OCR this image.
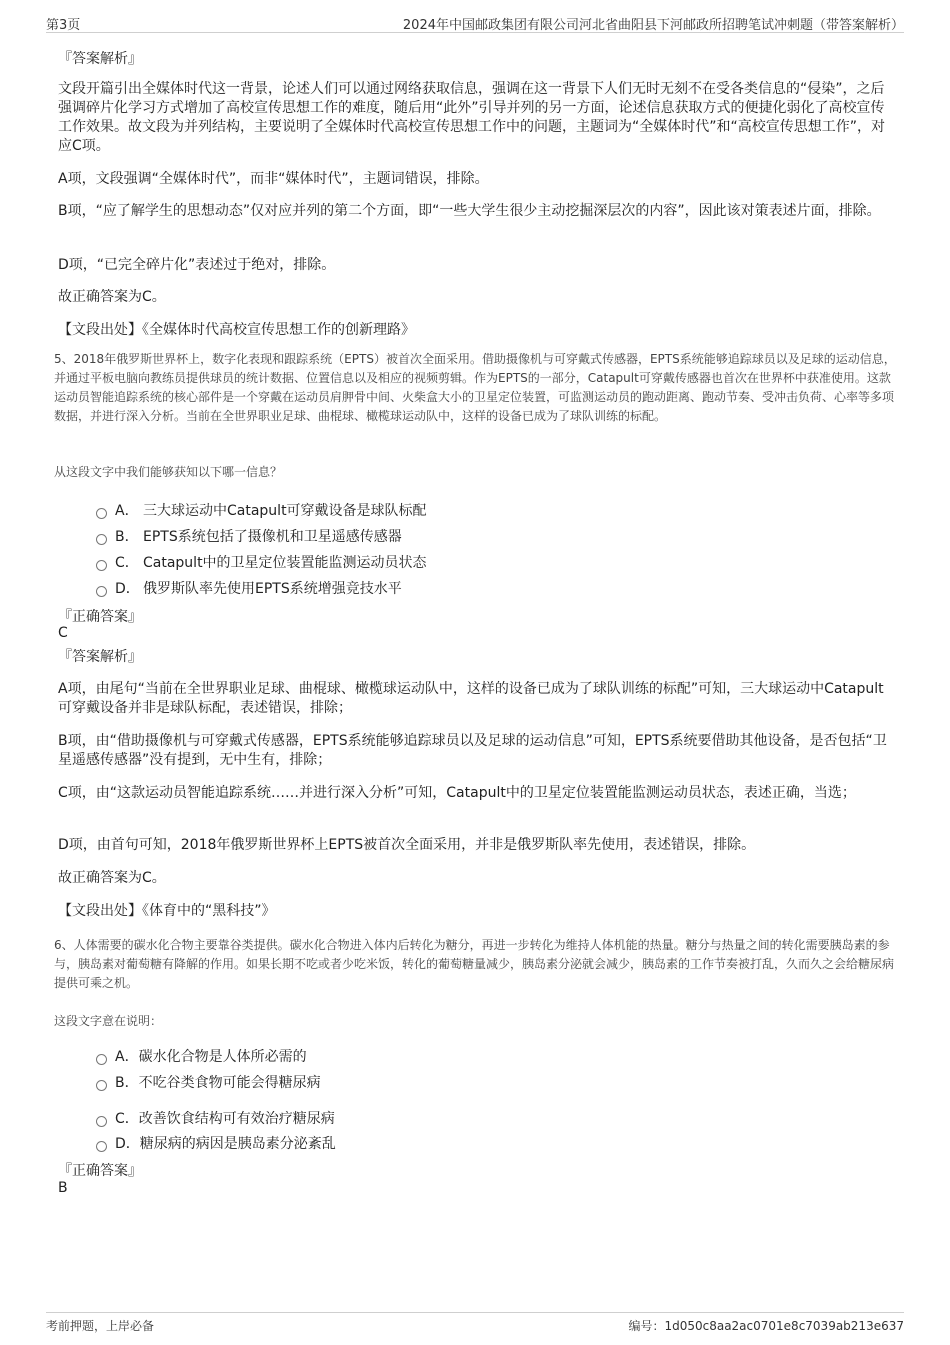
第3页	2024年中国邮政集团有限公司河北省曲阳县下河邮政所招聘笔试冲刺题（带答案解析）
『答案解析』
文段开篇引出全媒体时代这一背景，论述人们可以通过网络获取信息，强调在这一背景下人们无时无刻不在受各类信息的“侵染”，之后强调碎片化学习方式增加了高校宣传思想工作的难度，随后用“此外”引导并列的另一方面，论述信息获取方式的便捷化弱化了高校宣传工作效果。故文段为并列结构，主要说明了全媒体时代高校宣传思想工作中的问题，主题词为“全媒体时代”和“高校宣传思想工作”，对应C项。
A项，文段强调“全媒体时代”，而非“媒体时代”，主题词错误，排除。
B项，“应了解学生的思想动态”仅对应并列的第二个方面，即“一些大学生很少主动挖掘深层次的内容”，因此该对策表述片面，排除。
D项，“已完全碎片化”表述过于绝对，排除。
故正确答案为C。
【文段出处】《全媒体时代高校宣传思想工作的创新理路》
5、2018年俄罗斯世界杯上，数字化表现和跟踪系统（EPTS）被首次全面采用。借助摄像机与可穿戴式传感器，EPTS系统能够追踪球员以及足球的运动信息，并通过平板电脑向教练员提供球员的统计数据、位置信息以及相应的视频剪辑。作为EPTS的一部分，Catapult可穿戴传感器也首次在世界杯中获准使用。这款运动员智能追踪系统的核心部件是一个穿戴在运动员肩胛骨中间、火柴盒大小的卫星定位装置，可监测运动员的跑动距离、跑动节奏、受冲击负荷、心率等多项数据，并进行深入分析。当前在全世界职业足球、曲棍球、橄榄球运动队中，这样的设备已成为了球队训练的标配。
从这段文字中我们能够获知以下哪一信息？
A． 三大球运动中Catapult可穿戴设备是球队标配
B． EPTS系统包括了摄像机和卫星遥感传感器
C． Catapult中的卫星定位装置能监测运动员状态
D． 俄罗斯队率先使用EPTS系统增强竞技水平
『正确答案』
C
『答案解析』
A项，由尾句“当前在全世界职业足球、曲棍球、橄榄球运动队中，这样的设备已成为了球队训练的标配”可知，三大球运动中Catapult可穿戴设备并非是球队标配，表述错误，排除；
B项，由“借助摄像机与可穿戴式传感器，EPTS系统能够追踪球员以及足球的运动信息”可知，EPTS系统要借助其他设备，是否包括“卫星遥感传感器”没有提到，无中生有，排除；
C项，由“这款运动员智能追踪系统……并进行深入分析”可知，Catapult中的卫星定位装置能监测运动员状态，表述正确，当选；
D项，由首句可知，2018年俄罗斯世界杯上EPTS被首次全面采用，并非是俄罗斯队率先使用，表述错误，排除。
故正确答案为C。
【文段出处】《体育中的“黑科技”》
6、人体需要的碳水化合物主要靠谷类提供。碳水化合物进入体内后转化为糖分，再进一步转化为维持人体机能的热量。糖分与热量之间的转化需要胰岛素的参与，胰岛素对葡萄糖有降解的作用。如果长期不吃或者少吃米饭，转化的葡萄糖量减少，胰岛素分泌就会减少，胰岛素的工作节奏被打乱，久而久之会给糖尿病提供可乘之机。
这段文字意在说明：
A．碳水化合物是人体所必需的
B．不吃谷类食物可能会得糖尿病
C．改善饮食结构可有效治疗糖尿病
D．糖尿病的病因是胰岛素分泌紊乱
『正确答案』
B
考前押题，上岸必备	编号：1d050c8aa2ac0701e8c7039ab213e637
